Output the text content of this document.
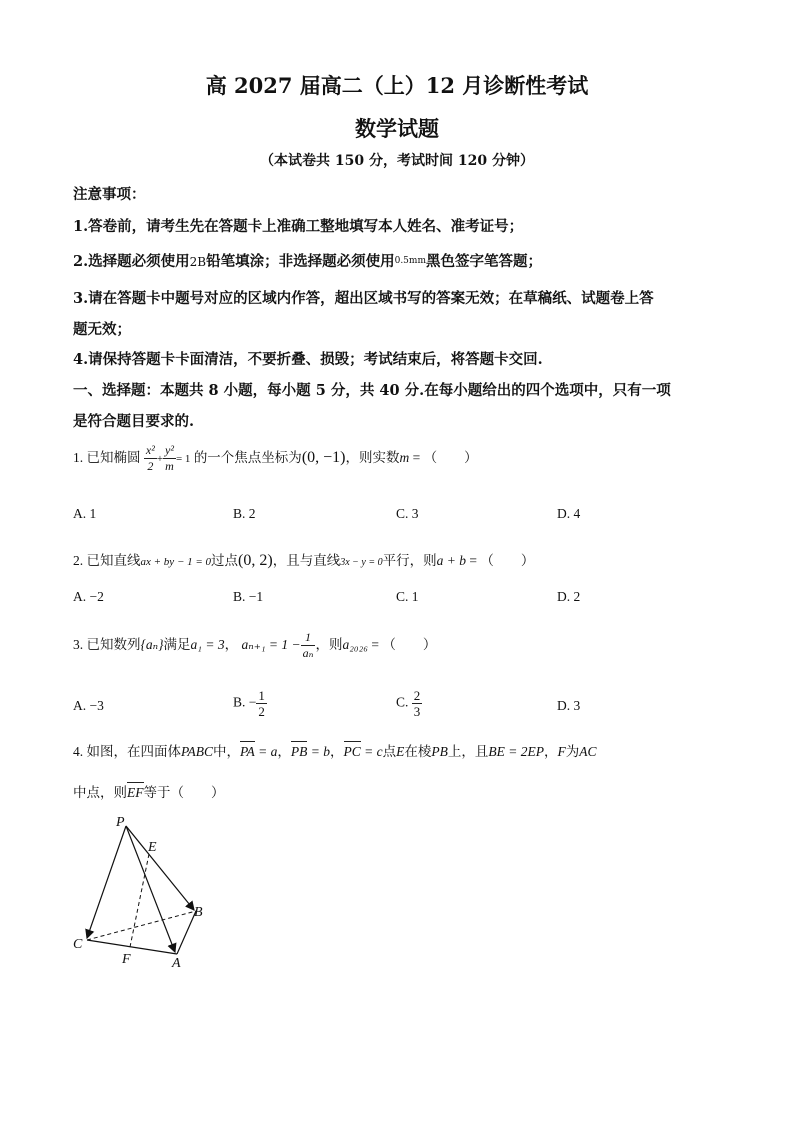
高 2027 届高二（上）12 月诊断性考试
数学试题
（本试卷共 150 分，考试时间 120 分钟）
注意事项：
1.答卷前，请考生先在答题卡上准确工整地填写本人姓名、准考证号；
2.选择题必须使用2B铅笔填涂；非选择题必须使用$^{0.5mm}$黑色签字笔答题；
3.请在答题卡中题号对应的区域内作答，超出区域书写的答案无效；在草稿纸、试题卷上答
题无效；
4.请保持答题卡卡面清洁，不要折叠、损毁；考试结束后，将答题卡交回.
一、选择题：本题共 8 小题，每小题 5 分，共 40 分.在每小题给出的四个选项中，只有一项
是符合题目要求的.
1. 已知椭圆 $\frac{\text{x²}}{2} + \frac{\text{y²}}{m} = 1$ 的一个焦点坐标为(0, −1)，则实数m = （　　）
A. 1	B. 2	C. 3	D. 4
2. 已知直线ax + by − 1 = 0过点(0, 2)，且与直线3x − y = 0平行，则a + b = （　　）
A. −2	B. −1	C. 1	D. 2
3. 已知数列{aₙ}满足a₁ = 3， $a_{n+1} = 1 - \frac{1}{\text{aₙ}}$ ，则a₂₀₂₆ = （　　）
A. −3	B. − $\frac{1}{2}$	C. $\frac{2}{3}$	D. 3
4. 如图，在四面体PABC中，PA = a，PB = b，PC = c点E在棱PB上，且BE = 2EP，F为AC
中点，则EF等于（　　）
P
E
B
C
F	A
